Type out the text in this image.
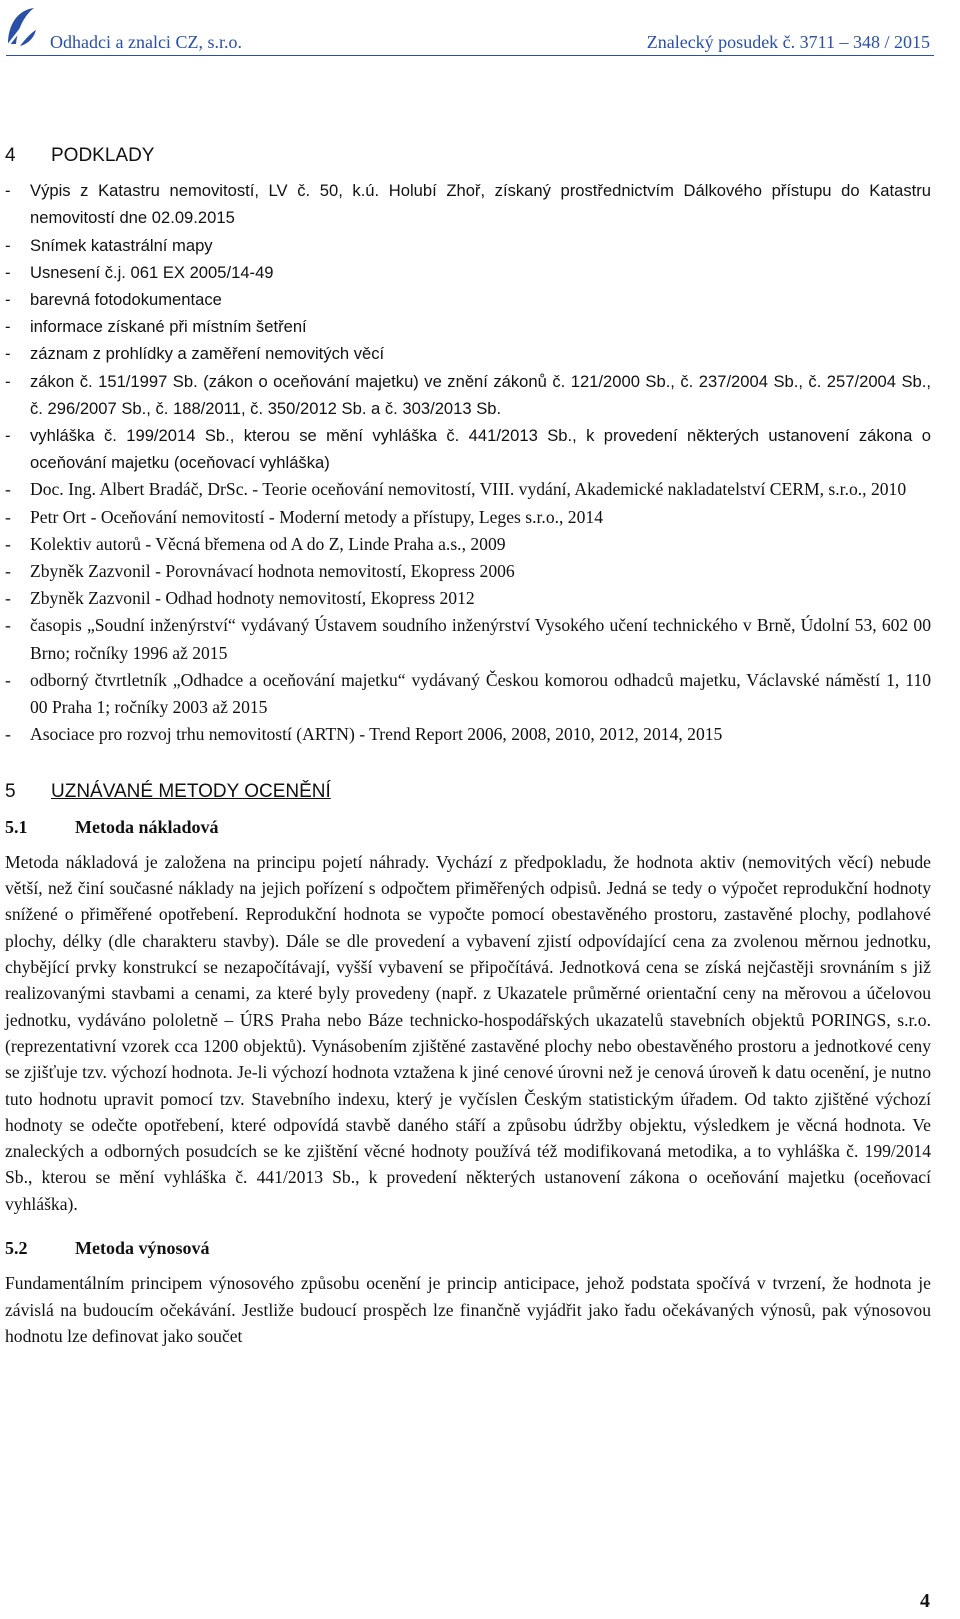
Odhadci a znalci CZ, s.r.o.	Znalecký posudek č. 3711 – 348 / 2015
4	PODKLADY
- Výpis z Katastru nemovitostí, LV č. 50, k.ú. Holubí Zhoř, získaný prostřednictvím Dálkového přístupu do Katastru nemovitostí dne 02.09.2015
- Snímek katastrální mapy
- Usnesení č.j. 061 EX 2005/14-49
- barevná fotodokumentace
- informace získané při místním šetření
- záznam z prohlídky a zaměření nemovitých věcí
- zákon č. 151/1997 Sb. (zákon o oceňování majetku) ve znění zákonů č. 121/2000 Sb., č. 237/2004 Sb., č. 257/2004 Sb., č. 296/2007 Sb., č. 188/2011, č. 350/2012 Sb. a č. 303/2013 Sb.
- vyhláška č. 199/2014 Sb., kterou se mění vyhláška č. 441/2013 Sb., k provedení některých ustanovení zákona o oceňování majetku (oceňovací vyhláška)
- Doc. Ing. Albert Bradáč, DrSc. - Teorie oceňování nemovitostí, VIII. vydání, Akademické nakladatelství CERM, s.r.o., 2010
- Petr Ort - Oceňování nemovitostí - Moderní metody a přístupy, Leges s.r.o., 2014
- Kolektiv autorů - Věcná břemena od A do Z, Linde Praha a.s., 2009
- Zbyněk Zazvonil - Porovnávací hodnota nemovitostí, Ekopress 2006
- Zbyněk Zazvonil - Odhad hodnoty nemovitostí, Ekopress 2012
- časopis „Soudní inženýrství“ vydávaný Ústavem soudního inženýrství Vysokého učení technického v Brně, Údolní 53, 602 00 Brno; ročníky 1996 až 2015
- odborný čtvrtletník „Odhadce a oceňování majetku“ vydávaný Českou komorou odhadců majetku, Václavské náměstí 1, 110 00 Praha 1; ročníky 2003 až 2015
- Asociace pro rozvoj trhu nemovitostí (ARTN) - Trend Report 2006, 2008, 2010, 2012, 2014, 2015
5	UZNÁVANÉ METODY OCENĚNÍ
5.1	Metoda nákladová

Metoda nákladová je založena na principu pojetí náhrady. Vychází z předpokladu, že hodnota aktiv (nemovitých věcí) nebude větší, než činí současné náklady na jejich pořízení s odpočtem přiměřených odpisů. Jedná se tedy o výpočet reprodukční hodnoty snížené o přiměřené opotřebení. Reprodukční hodnota se vypočte pomocí obestavěného prostoru, zastavěné plochy, podlahové plochy, délky (dle charakteru stavby). Dále se dle provedení a vybavení zjistí odpovídající cena za zvolenou měrnou jednotku, chybějící prvky konstrukcí se nezapočítávají, vyšší vybavení se připočítává. Jednotková cena se získá nejčastěji srovnáním s již realizovanými stavbami a cenami, za které byly provedeny (např. z Ukazatele průměrné orientační ceny na měrovou a účelovou jednotku, vydáváno pololetně – ÚRS Praha nebo Báze technicko-hospodářských ukazatelů stavebních objektů PORINGS, s.r.o. (reprezentativní vzorek cca 1200 objektů). Vynásobením zjištěné zastavěné plochy nebo obestavěného prostoru a jednotkové ceny se zjišťuje tzv. výchozí hodnota. Je-li výchozí hodnota vztažena k jiné cenové úrovni než je cenová úroveň k datu ocenění, je nutno tuto hodnotu upravit pomocí tzv. Stavebního indexu, který je vyčíslen Českým statistickým úřadem. Od takto zjištěné výchozí hodnoty se odečte opotřebení, které odpovídá stavbě daného stáří a způsobu údržby objektu, výsledkem je věcná hodnota. Ve znaleckých a odborných posudcích se ke zjištění věcné hodnoty používá též modifikovaná metodika, a to vyhláška č. 199/2014 Sb., kterou se mění vyhláška č. 441/2013 Sb., k provedení některých ustanovení zákona o oceňování majetku (oceňovací vyhláška).

5.2	Metoda výnosová

Fundamentálním principem výnosového způsobu ocenění je princip anticipace, jehož podstata spočívá v tvrzení, že hodnota je závislá na budoucím očekávání. Jestliže budoucí prospěch lze finančně vyjádřit jako řadu očekávaných výnosů, pak výnosovou hodnotu lze definovat jako součet

4
